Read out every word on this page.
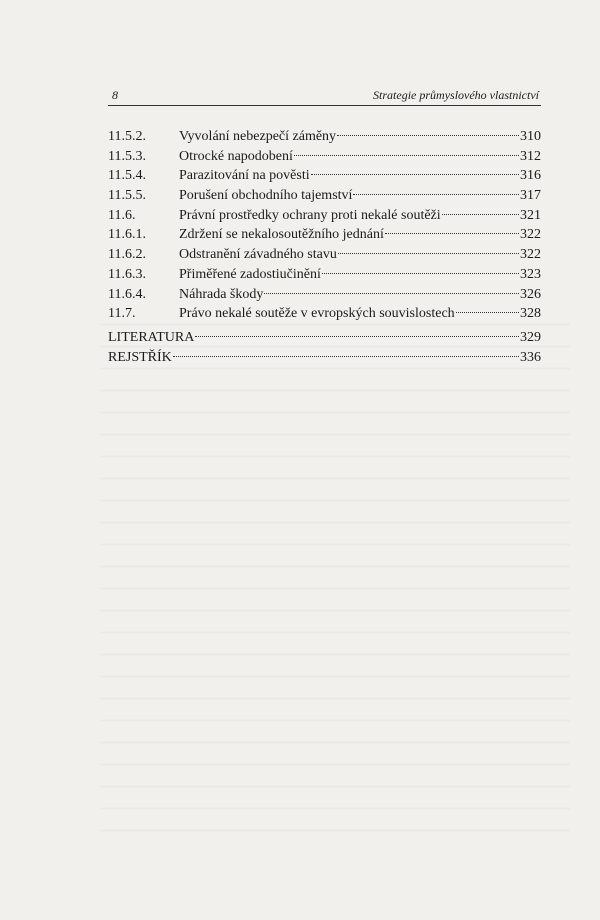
8	Strategie průmyslového vlastnictví
11.5.2.	Vyvolání nebezpečí záměny	310
11.5.3.	Otrocké napodobení	312
11.5.4.	Parazitování na pověsti	316
11.5.5.	Porušení obchodního tajemství	317
11.6.	Právní prostředky ochrany proti nekalé soutěži	321
11.6.1.	Zdržení se nekalosoutěžního jednání	322
11.6.2.	Odstranění závadného stavu	322
11.6.3.	Přiměřené zadostiučinění	323
11.6.4.	Náhrada škody	326
11.7.	Právo nekalé soutěže v evropských souvislostech	328
LITERATURA	329
REJSTŘÍK	336
